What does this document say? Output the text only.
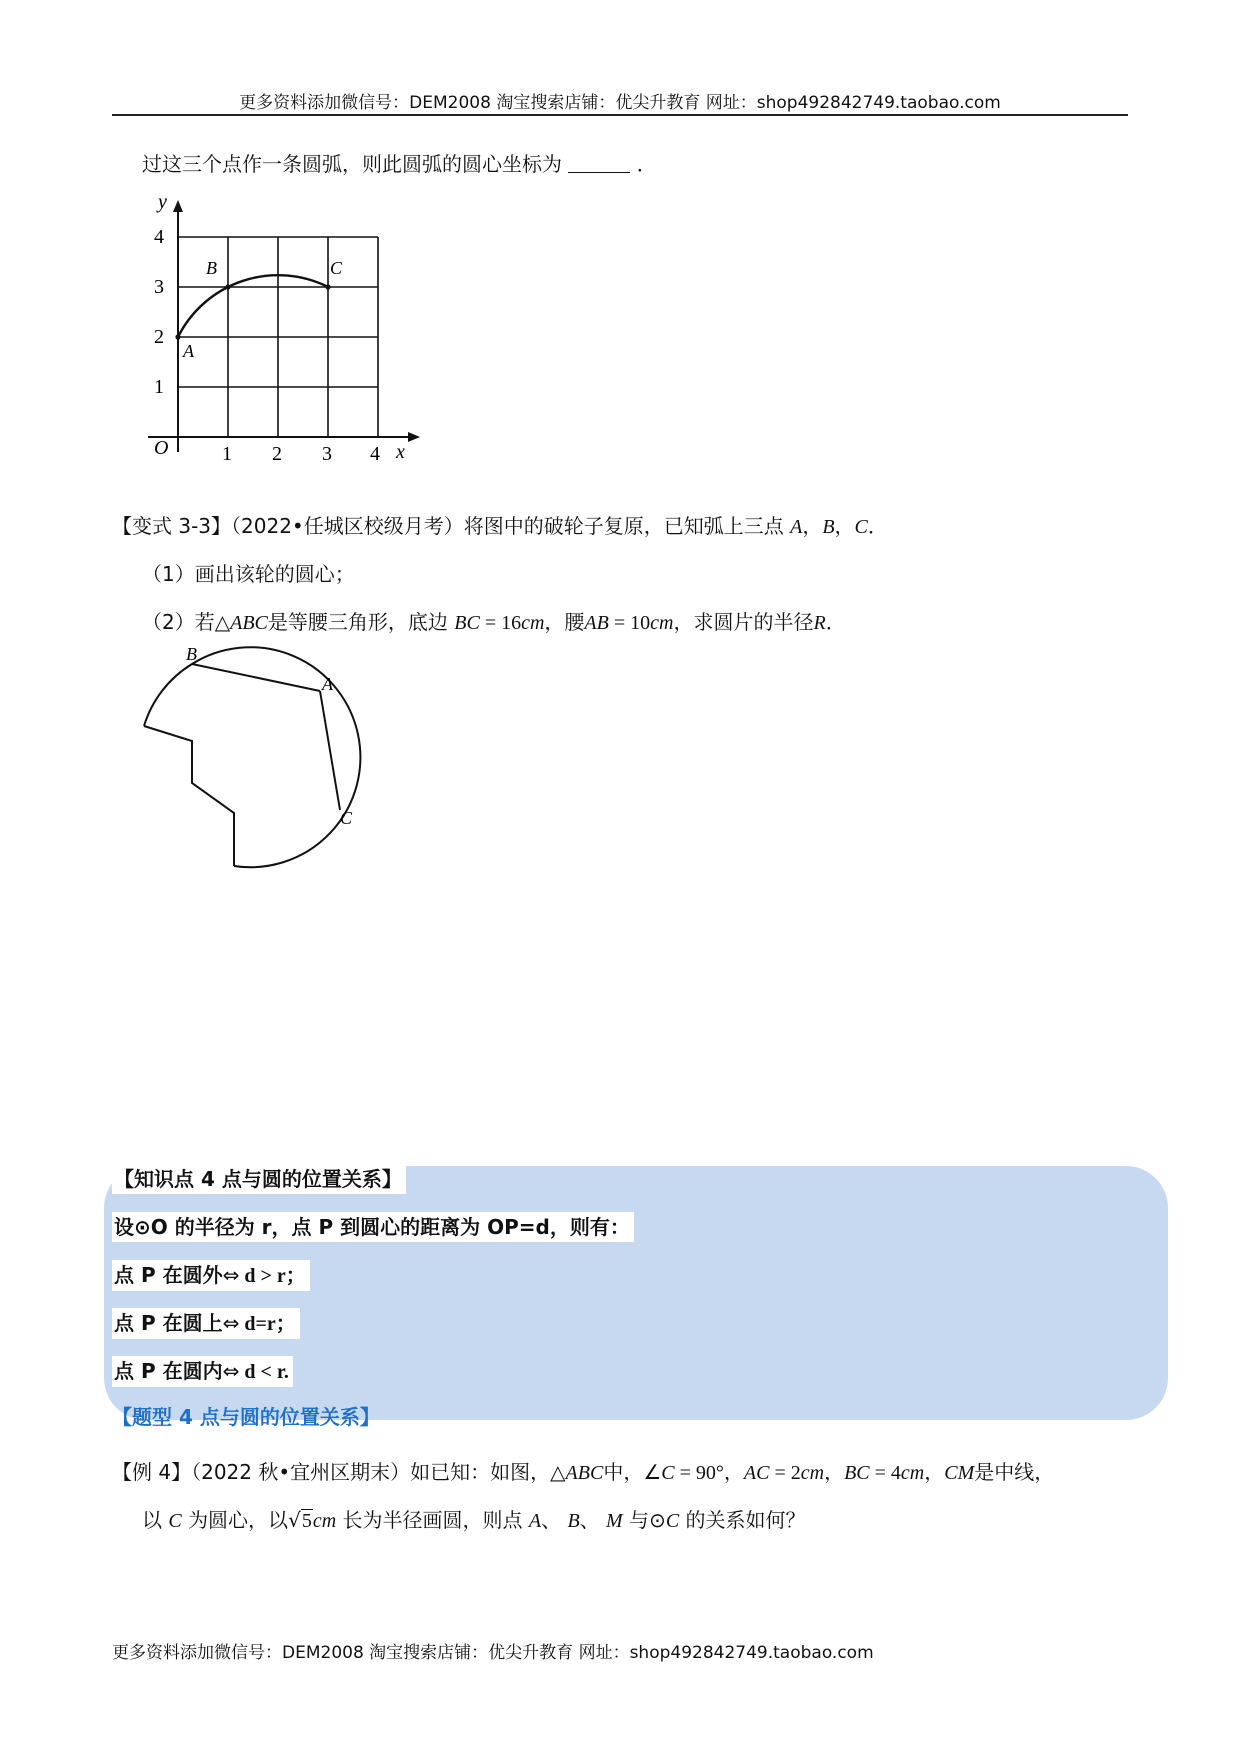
更多资料添加微信号：DEM2008 淘宝搜索店铺：优尖升教育 网址：shop492842749.taobao.com
过这三个点作一条圆弧，则此圆弧的圆心坐标为	．
y
x
O
1
2
3
4
1 2 3 4
A
B	C
【变式 3-3】（2022•任城区校级月考）将图中的破轮子复原，已知弧上三点 A，B，C．
（1）画出该轮的圆心；
（2）若△ABC是等腰三角形，底边 BC = 16cm，腰AB = 10cm，求圆片的半径R．
B
A
C
【知识点 4 点与圆的位置关系】
设⊙O 的半径为 r，点 P 到圆心的距离为 OP=d，则有：
点 P 在圆外⇔ d > r；
点 P 在圆上⇔ d=r；
点 P 在圆内⇔ d < r.
【题型 4 点与圆的位置关系】
【例 4】（2022 秋•宜州区期末）如已知：如图，△ABC中，∠C = 90°，AC = 2cm，BC = 4cm，CM是中线，
以 C 为圆心，以√5cm 长为半径画圆，则点 A、 B、 M 与⊙C 的关系如何？
更多资料添加微信号：DEM2008 淘宝搜索店铺：优尖升教育 网址：shop492842749.taobao.com
